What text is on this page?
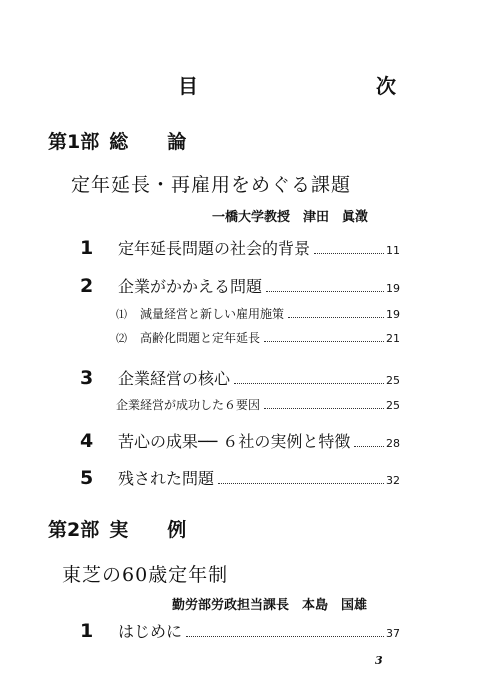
目　　次
第1部 総　論
定年延長・再雇用をめぐる課題
一橋大学教授　津田　眞澂
1	定年延長問題の社会的背景	11
2	企業がかかえる問題	19
⑴	減量経営と新しい雇用施策	19
⑵	高齢化問題と定年延長	21
3	企業経営の核心	25
企業経営が成功した６要因	25
4	苦心の成果── ６社の実例と特徴	28
5	残された問題	32
第2部 実　例
東芝の60歳定年制
勤労部労政担当課長　本島　国雄
1	はじめに	37
3
